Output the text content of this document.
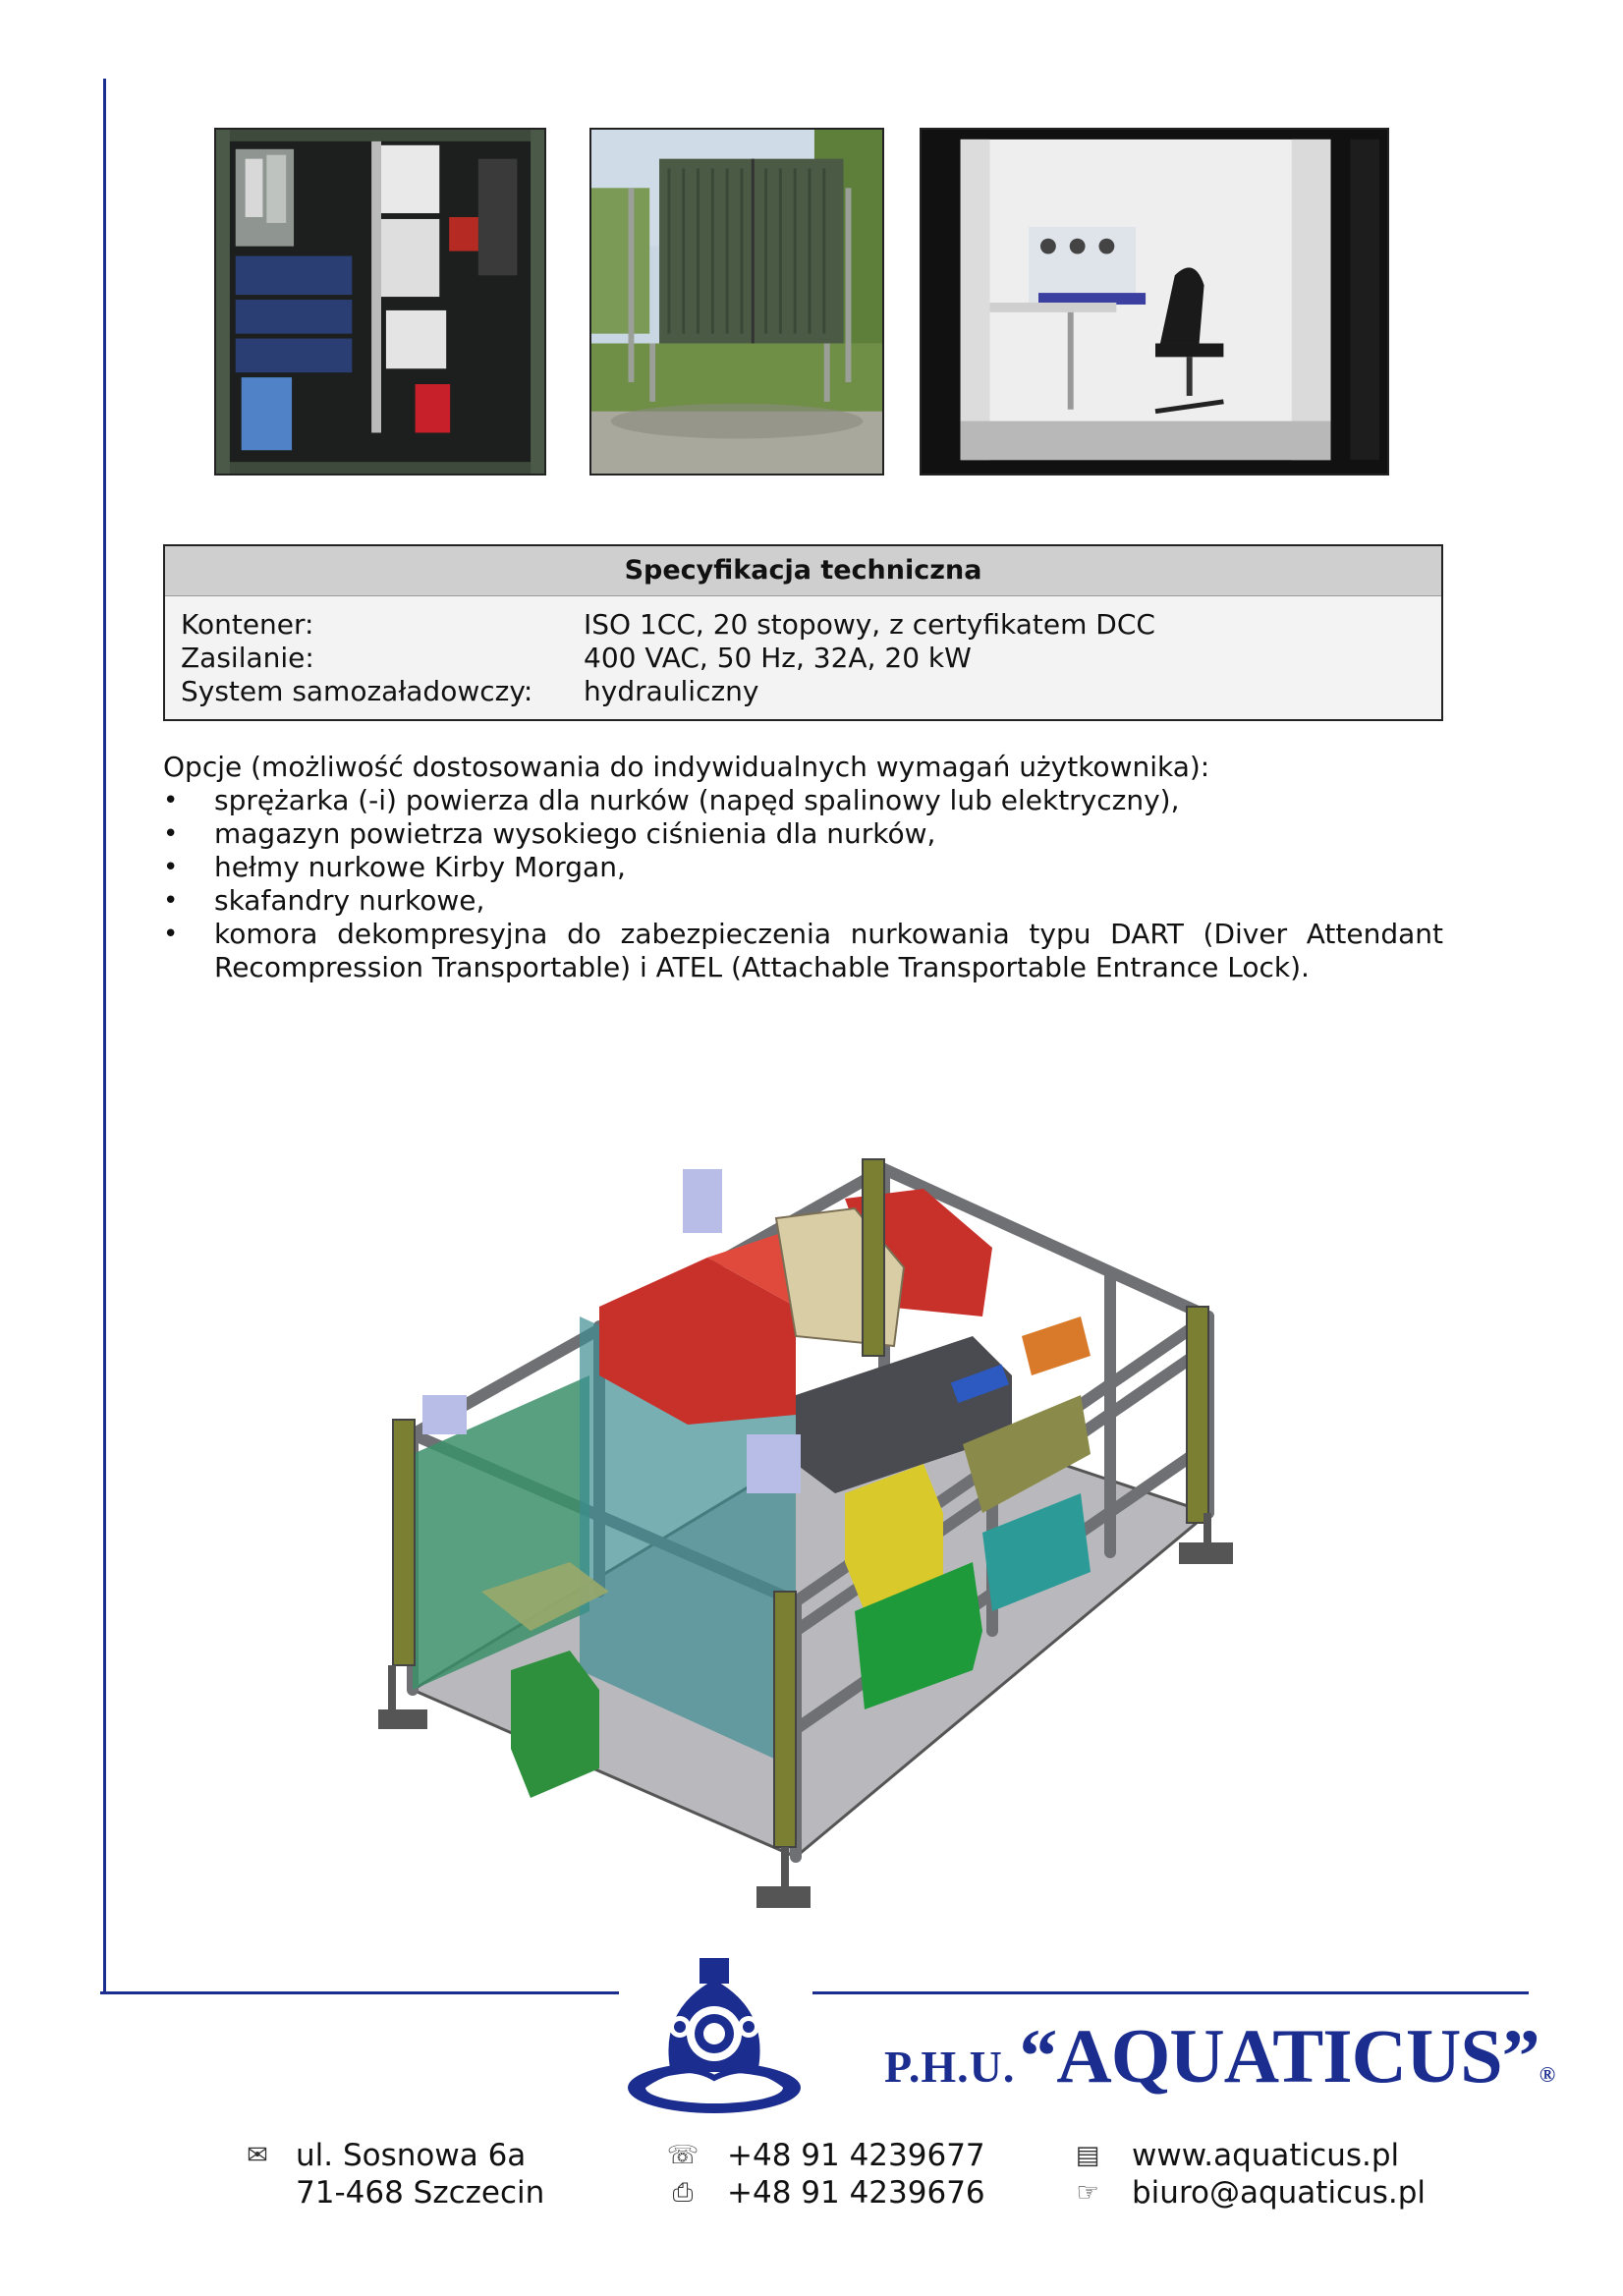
Specyfikacja techniczna
Kontener:	ISO 1CC, 20 stopowy, z certyfikatem DCC
Zasilanie:	400 VAC, 50 Hz, 32A, 20 kW
System samozaładowczy:	hydrauliczny
Opcje (możliwość dostosowania do indywidualnych wymagań użytkownika):
• sprężarka (-i) powierza dla nurków (napęd spalinowy lub elektryczny),
• magazyn powietrza wysokiego ciśnienia dla nurków,
• hełmy nurkowe Kirby Morgan,
• skafandry nurkowe,
• komora dekompresyjna do zabezpieczenia nurkowania typu DART (Diver Attendant Recompression Transportable) i ATEL (Attachable Transportable Entrance Lock).
P.H.U. “AQUATICUS”®
✉ ul. Sosnowa 6a
71-468 Szczecin
☏ +48 91 4239677
⎙ +48 91 4239676
▤ www.aquaticus.pl
☞ biuro@aquaticus.pl
